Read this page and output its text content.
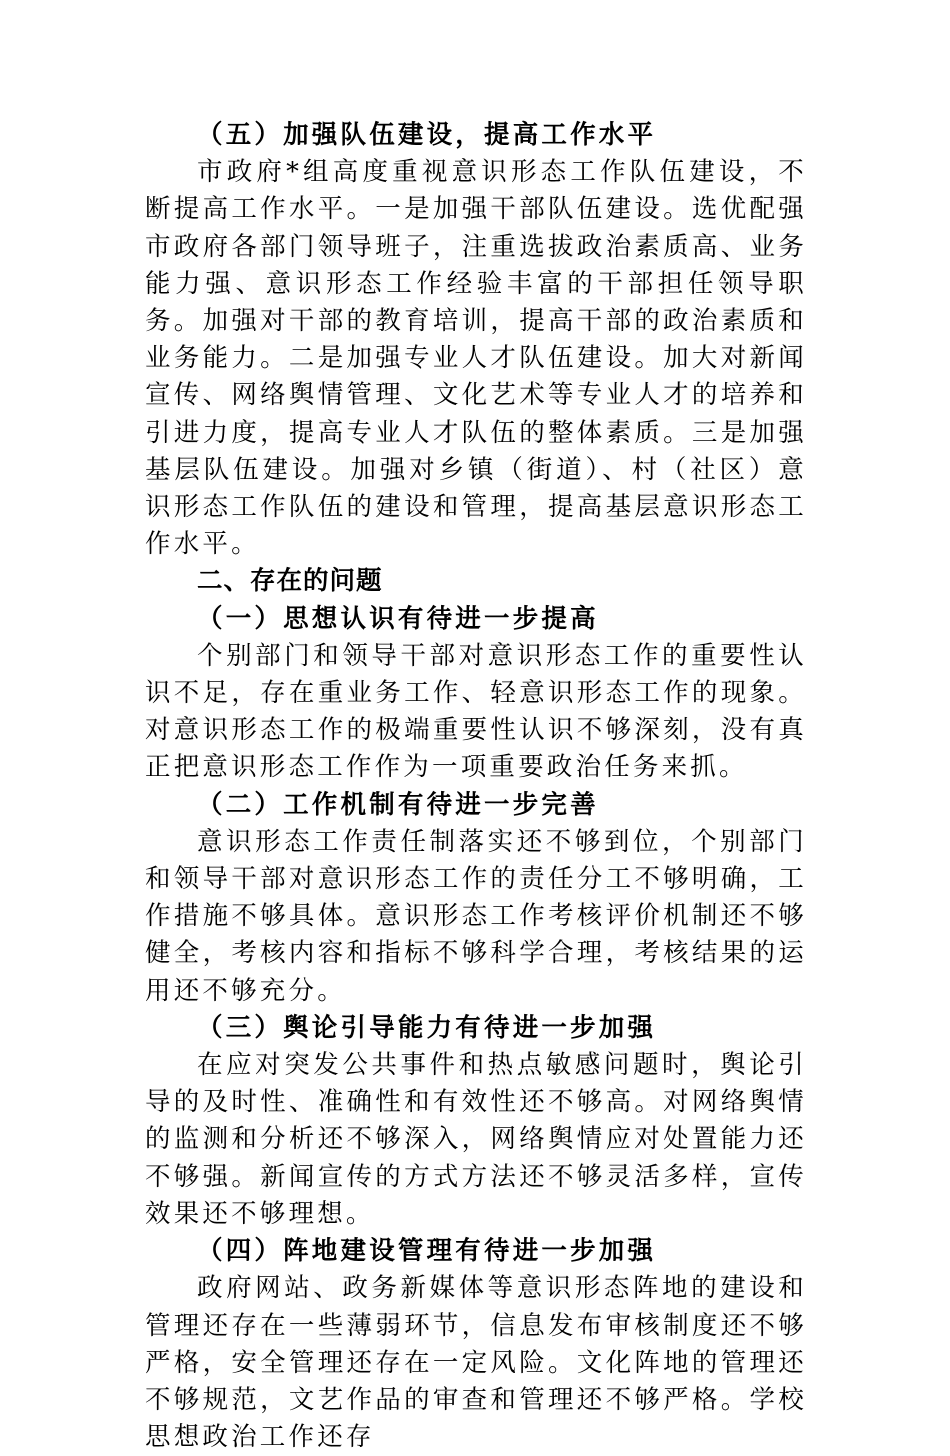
（五）加强队伍建设，提高工作水平

市政府*组高度重视意识形态工作队伍建设，不断提高工作水平。一是加强干部队伍建设。选优配强市政府各部门领导班子，注重选拔政治素质高、业务能力强、意识形态工作经验丰富的干部担任领导职务。加强对干部的教育培训，提高干部的政治素质和业务能力。二是加强专业人才队伍建设。加大对新闻宣传、网络舆情管理、文化艺术等专业人才的培养和引进力度，提高专业人才队伍的整体素质。三是加强基层队伍建设。加强对乡镇（街道）、村（社区）意识形态工作队伍的建设和管理，提高基层意识形态工作水平。

二、存在的问题

（一）思想认识有待进一步提高

个别部门和领导干部对意识形态工作的重要性认识不足，存在重业务工作、轻意识形态工作的现象。对意识形态工作的极端重要性认识不够深刻，没有真正把意识形态工作作为一项重要政治任务来抓。

（二）工作机制有待进一步完善

意识形态工作责任制落实还不够到位，个别部门和领导干部对意识形态工作的责任分工不够明确，工作措施不够具体。意识形态工作考核评价机制还不够健全，考核内容和指标不够科学合理，考核结果的运用还不够充分。

（三）舆论引导能力有待进一步加强

在应对突发公共事件和热点敏感问题时，舆论引导的及时性、准确性和有效性还不够高。对网络舆情的监测和分析还不够深入，网络舆情应对处置能力还不够强。新闻宣传的方式方法还不够灵活多样，宣传效果还不够理想。

（四）阵地建设管理有待进一步加强

政府网站、政务新媒体等意识形态阵地的建设和管理还存在一些薄弱环节，信息发布审核制度还不够严格，安全管理还存在一定风险。文化阵地的管理还不够规范，文艺作品的审查和管理还不够严格。学校思想政治工作还存
